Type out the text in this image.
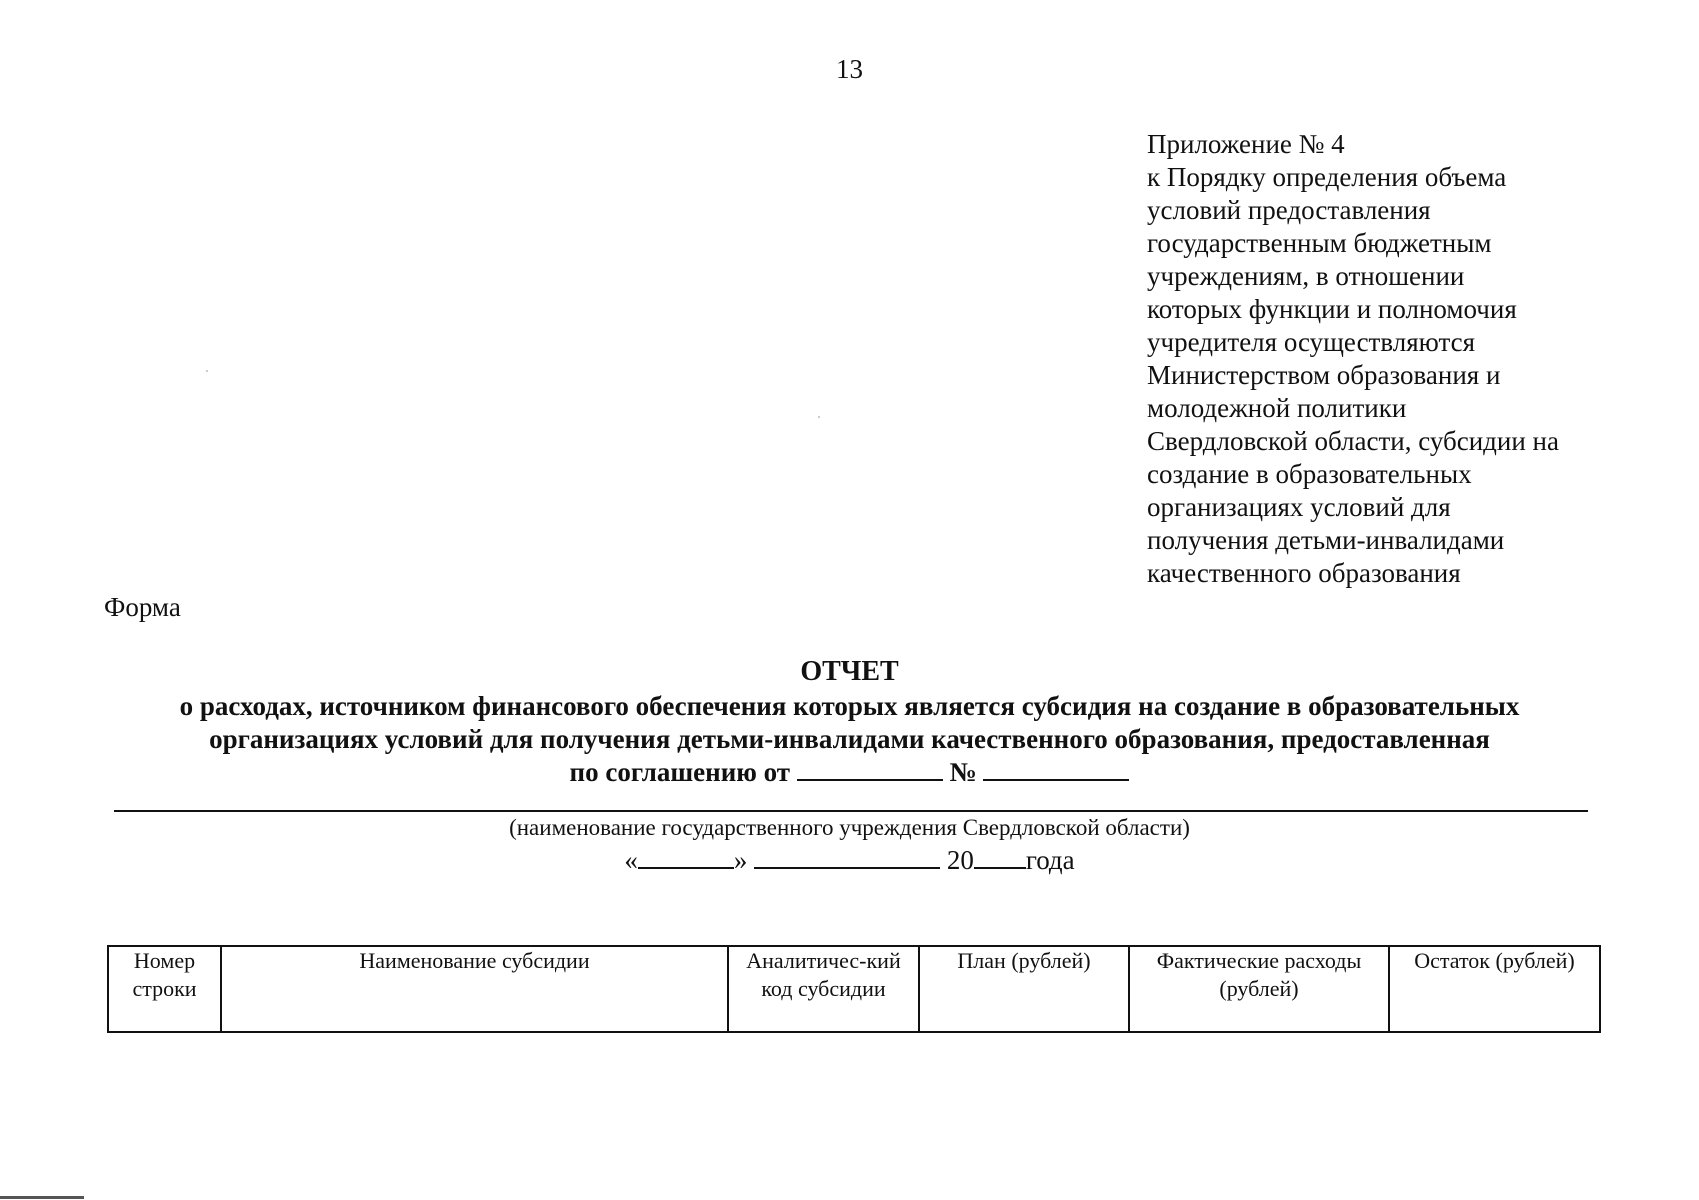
13
Приложение № 4
к Порядку определения объема
условий предоставления
государственным бюджетным
учреждениям, в отношении
которых функции и полномочия
учредителя осуществляются
Министерством образования и
молодежной политики
Свердловской области, субсидии на
создание в образовательных
организациях условий для
получения детьми-инвалидами
качественного образования
Форма
ОТЧЕТ
о расходах, источником финансового обеспечения которых является субсидия на создание в образовательных
организациях условий для получения детьми-инвалидами качественного образования, предоставленная
по соглашению от	№
(наименование государственного учреждения Свердловской области)
«	»	20 года
Номер строки	Наименование субсидии	Аналитичес-кий код субсидии	План (рублей)	Фактические расходы (рублей)	Остаток (рублей)
